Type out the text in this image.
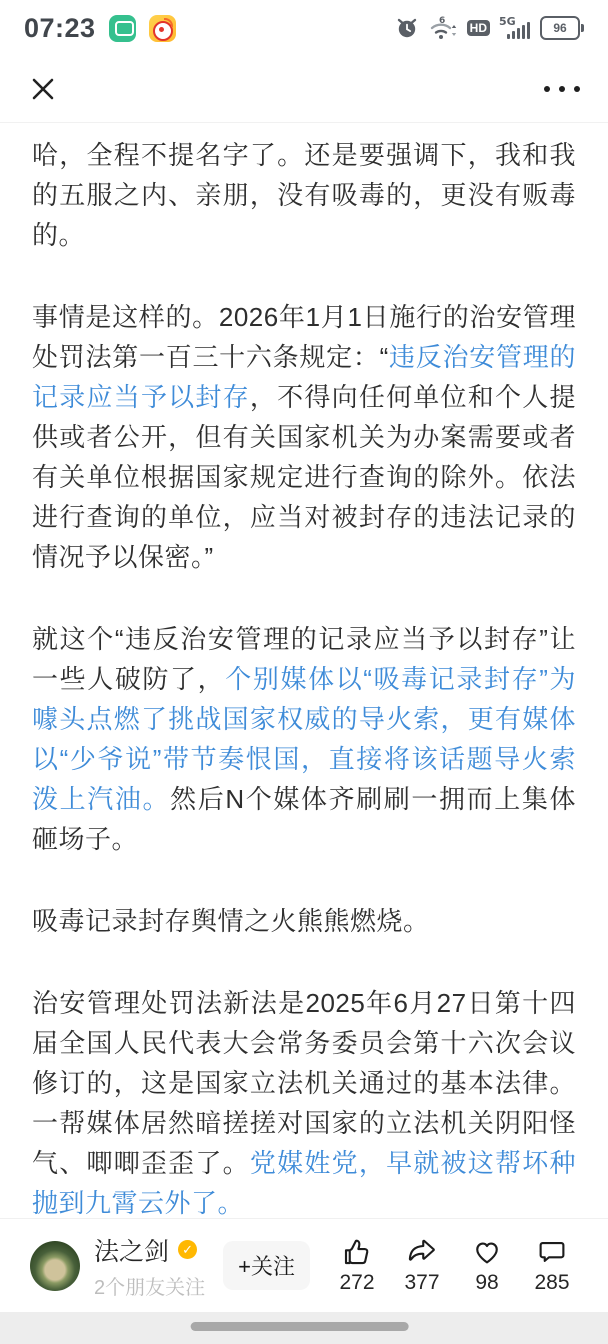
07:23	6 HD 5G	96

哈，全程不提名字了。还是要强调下，我和我的五服之内、亲朋，没有吸毒的，更没有贩毒的。

事情是这样的。2026年1月1日施行的治安管理处罚法第一百三十六条规定：“违反治安管理的记录应当予以封存，不得向任何单位和个人提供或者公开，但有关国家机关为办案需要或者有关单位根据国家规定进行查询的除外。依法进行查询的单位，应当对被封存的违法记录的情况予以保密。”

就这个“违反治安管理的记录应当予以封存”让一些人破防了，个别媒体以“吸毒记录封存”为噱头点燃了挑战国家权威的导火索，更有媒体以“少爷说”带节奏恨国，直接将该话题导火索泼上汽油。然后N个媒体齐刷刷一拥而上集体砸场子。

吸毒记录封存舆情之火熊熊燃烧。

治安管理处罚法新法是2025年6月27日第十四届全国人民代表大会常务委员会第十六次会议修订的，这是国家立法机关通过的基本法律。一帮媒体居然暗搓搓对国家的立法机关阴阳怪气、唧唧歪歪了。党媒姓党，早就被这帮坏种抛到九霄云外了。

法之剑	✓
2个朋友关注
+关注
272 377 98 285
